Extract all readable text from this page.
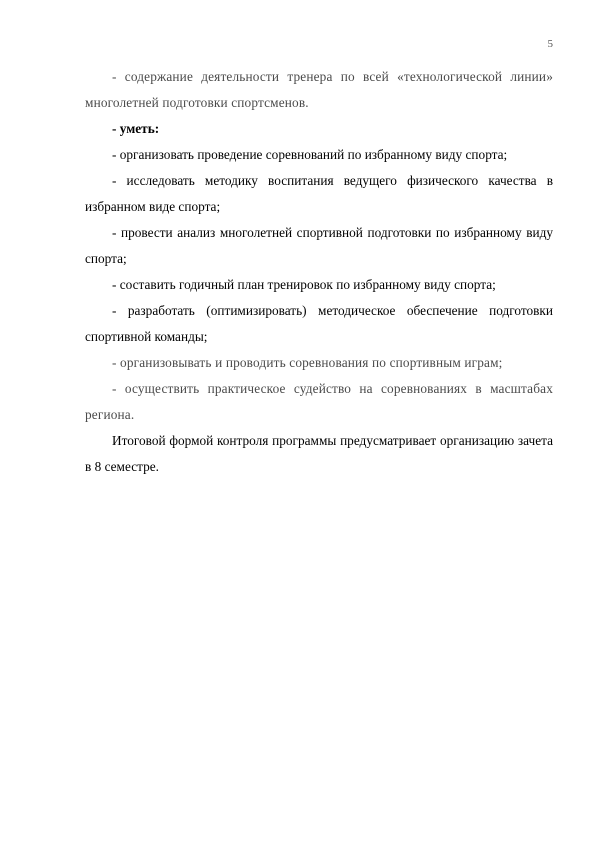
5

- содержание деятельности тренера по всей «технологической линии» многолетней подготовки спортсменов.

- уметь:

- организовать проведение соревнований по избранному виду спорта;

- исследовать методику воспитания ведущего физического качества в избранном виде спорта;

- провести анализ многолетней спортивной подготовки по избранному виду спорта;

- составить годичный план тренировок по избранному виду спорта;

- разработать (оптимизировать) методическое обеспечение подготовки спортивной команды;

- организовывать и проводить соревнования по спортивным играм;

- осуществить практическое судейство на соревнованиях в масштабах региона.

Итоговой формой контроля программы предусматривает организацию зачета в 8 семестре.
